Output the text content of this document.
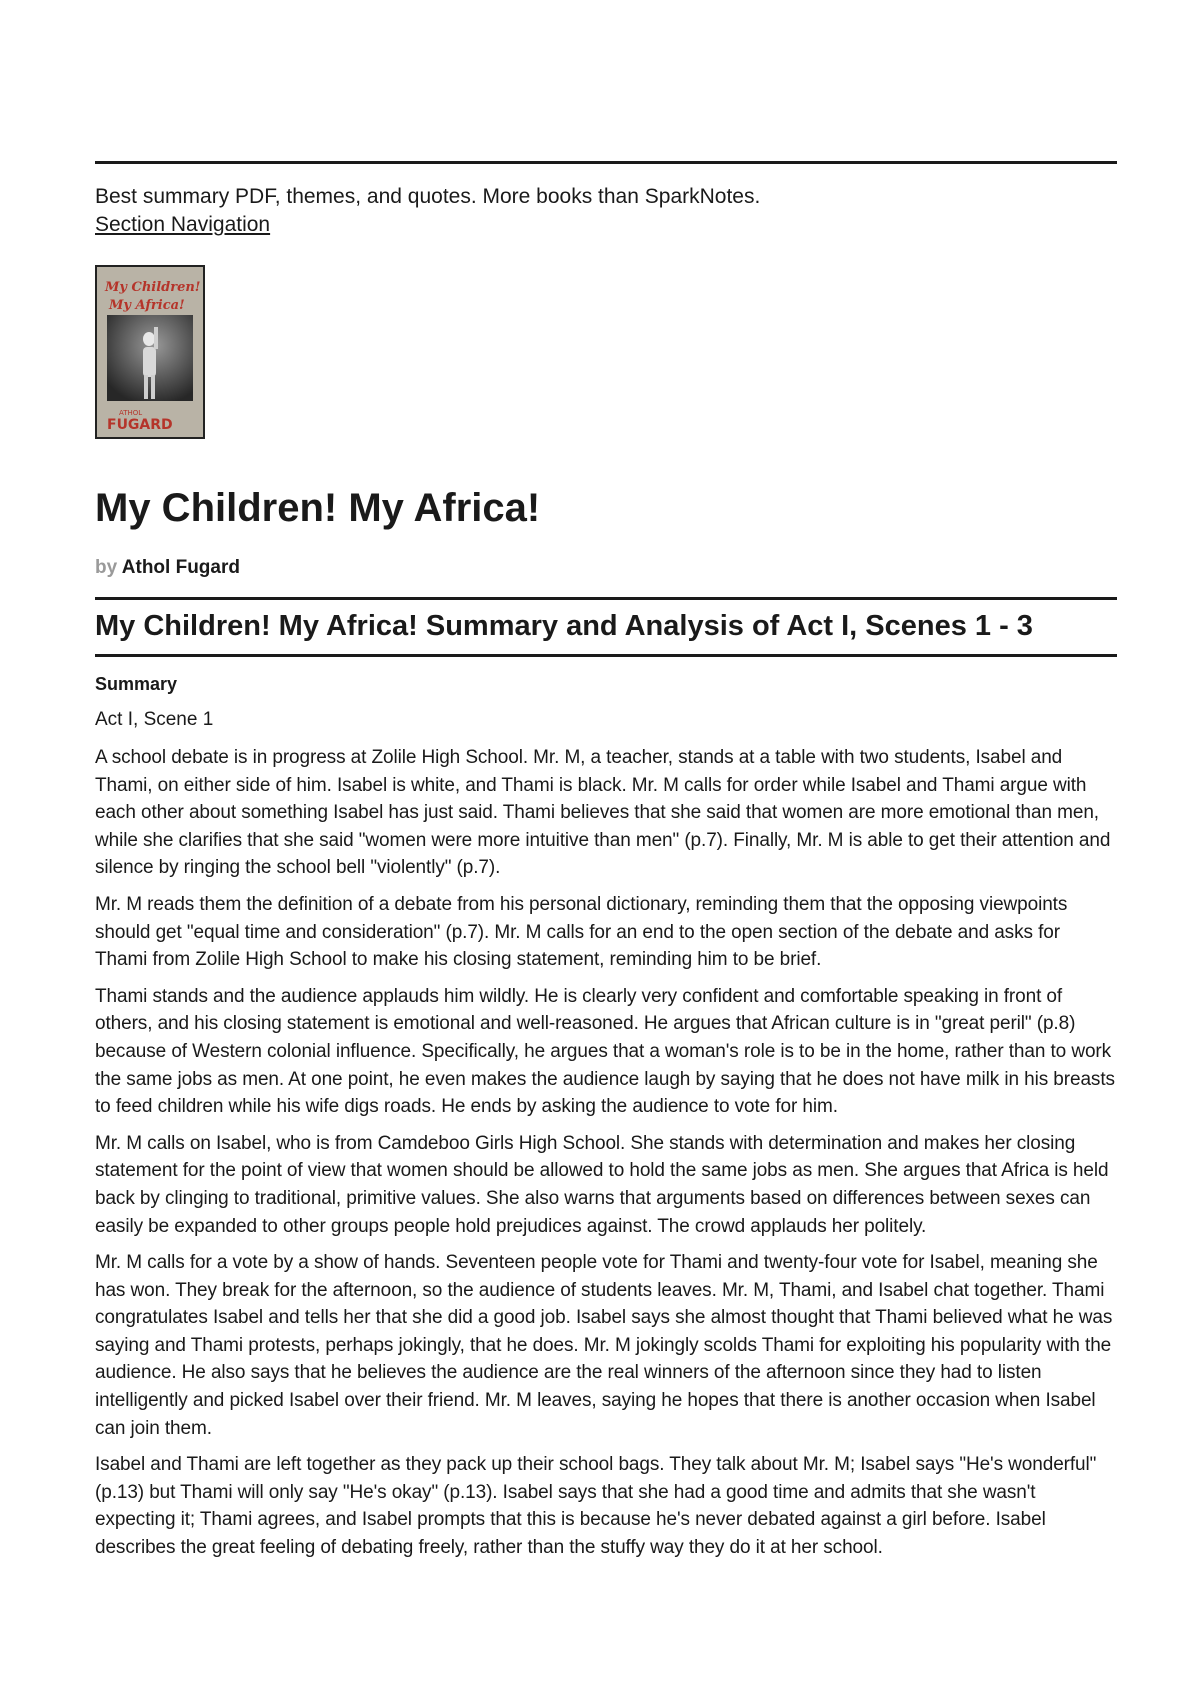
Best summary PDF, themes, and quotes. More books than SparkNotes.
Section Navigation
My Children!
My Africa!
ATHOL
FUGARD
My Children! My Africa!
by Athol Fugard
My Children! My Africa! Summary and Analysis of Act I, Scenes 1 - 3
Summary
Act I, Scene 1

A school debate is in progress at Zolile High School. Mr. M, a teacher, stands at a table with two students, Isabel and Thami, on either side of him. Isabel is white, and Thami is black. Mr. M calls for order while Isabel and Thami argue with each other about something Isabel has just said. Thami believes that she said that women are more emotional than men, while she clarifies that she said "women were more intuitive than men" (p.7). Finally, Mr. M is able to get their attention and silence by ringing the school bell "violently" (p.7).

Mr. M reads them the definition of a debate from his personal dictionary, reminding them that the opposing viewpoints should get "equal time and consideration" (p.7). Mr. M calls for an end to the open section of the debate and asks for Thami from Zolile High School to make his closing statement, reminding him to be brief.

Thami stands and the audience applauds him wildly. He is clearly very confident and comfortable speaking in front of others, and his closing statement is emotional and well-reasoned. He argues that African culture is in "great peril" (p.8) because of Western colonial influence. Specifically, he argues that a woman's role is to be in the home, rather than to work the same jobs as men. At one point, he even makes the audience laugh by saying that he does not have milk in his breasts to feed children while his wife digs roads. He ends by asking the audience to vote for him.

Mr. M calls on Isabel, who is from Camdeboo Girls High School. She stands with determination and makes her closing statement for the point of view that women should be allowed to hold the same jobs as men. She argues that Africa is held back by clinging to traditional, primitive values. She also warns that arguments based on differences between sexes can easily be expanded to other groups people hold prejudices against. The crowd applauds her politely.

Mr. M calls for a vote by a show of hands. Seventeen people vote for Thami and twenty-four vote for Isabel, meaning she has won. They break for the afternoon, so the audience of students leaves. Mr. M, Thami, and Isabel chat together. Thami congratulates Isabel and tells her that she did a good job. Isabel says she almost thought that Thami believed what he was saying and Thami protests, perhaps jokingly, that he does. Mr. M jokingly scolds Thami for exploiting his popularity with the audience. He also says that he believes the audience are the real winners of the afternoon since they had to listen intelligently and picked Isabel over their friend. Mr. M leaves, saying he hopes that there is another occasion when Isabel can join them.

Isabel and Thami are left together as they pack up their school bags. They talk about Mr. M; Isabel says "He's wonderful" (p.13) but Thami will only say "He's okay" (p.13). Isabel says that she had a good time and admits that she wasn't expecting it; Thami agrees, and Isabel prompts that this is because he's never debated against a girl before. Isabel describes the great feeling of debating freely, rather than the stuffy way they do it at her school.
